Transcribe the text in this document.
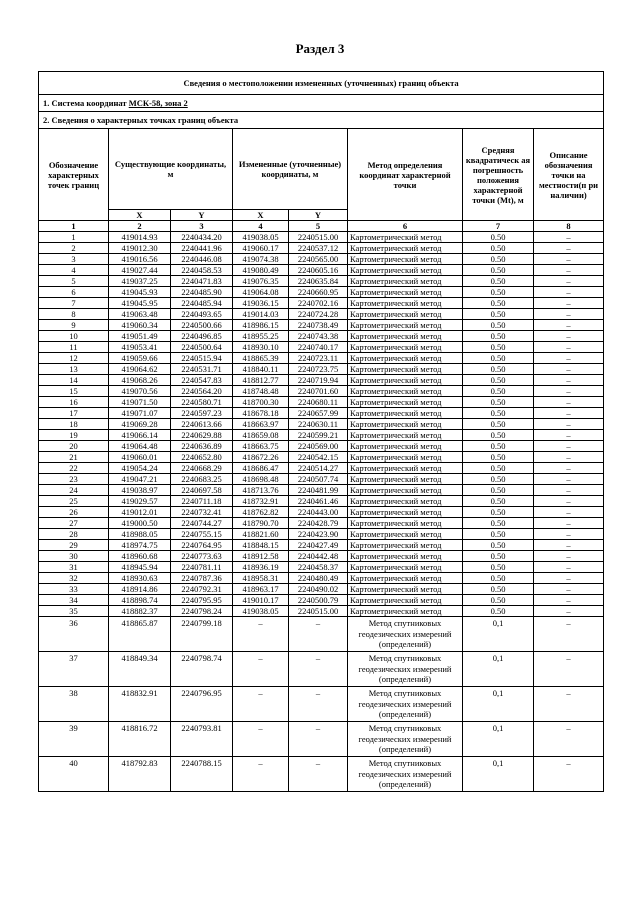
Раздел 3
Сведения о местоположении измененных (уточненных) границ объекта							
1. Система координат МСК-58, зона 2							
2. Сведения о характерных точках границ объекта							
Обозначение характерных точек границ	Существующие координаты, м		Измененные (уточненные) координаты, м		Метод определения координат характерной точки	Средняя квадратическ ая погрешность положения характерной точки (Mt), м	Описание обозначения точки на местности(п ри наличии)
	X	Y	X	Y			
1	2	3	4	5	6	7	8
1	419014.93	2240434.20	419038.05	2240515.00	Картометрический метод	0.50	–
2	419012.30	2240441.96	419060.17	2240537.12	Картометрический метод	0.50	–
3	419016.56	2240446.08	419074.38	2240565.00	Картометрический метод	0.50	–
4	419027.44	2240458.53	419080.49	2240605.16	Картометрический метод	0.50	–
5	419037.25	2240471.83	419076.35	2240635.84	Картометрический метод	0.50	–
6	419045.93	2240485.90	419064.08	2240660.95	Картометрический метод	0.50	–
7	419045.95	2240485.94	419036.15	2240702.16	Картометрический метод	0.50	–
8	419063.48	2240493.65	419014.03	2240724.28	Картометрический метод	0.50	–
9	419060.34	2240500.66	418986.15	2240738.49	Картометрический метод	0.50	–
10	419051.49	2240496.85	418955.25	2240743.38	Картометрический метод	0.50	–
11	419053.41	2240500.64	418930.10	2240740.17	Картометрический метод	0.50	–
12	419059.66	2240515.94	418865.39	2240723.11	Картометрический метод	0.50	–
13	419064.62	2240531.71	418840.11	2240723.75	Картометрический метод	0.50	–
14	419068.26	2240547.83	418812.77	2240719.94	Картометрический метод	0.50	–
15	419070.56	2240564.20	418748.48	2240701.60	Картометрический метод	0.50	–
16	419071.50	2240580.71	418700.30	2240680.11	Картометрический метод	0.50	–
17	419071.07	2240597.23	418678.18	2240657.99	Картометрический метод	0.50	–
18	419069.28	2240613.66	418663.97	2240630.11	Картометрический метод	0.50	–
19	419066.14	2240629.88	418659.08	2240599.21	Картометрический метод	0.50	–
20	419064.48	2240636.89	418663.75	2240569.00	Картометрический метод	0.50	–
21	419060.01	2240652.80	418672.26	2240542.15	Картометрический метод	0.50	–
22	419054.24	2240668.29	418686.47	2240514.27	Картометрический метод	0.50	–
23	419047.21	2240683.25	418698.48	2240507.74	Картометрический метод	0.50	–
24	419038.97	2240697.58	418713.76	2240481.99	Картометрический метод	0.50	–
25	419029.57	2240711.18	418732.91	2240461.46	Картометрический метод	0.50	–
26	419012.01	2240732.41	418762.82	2240443.00	Картометрический метод	0.50	–
27	419000.50	2240744.27	418790.70	2240428.79	Картометрический метод	0.50	–
28	418988.05	2240755.15	418821.60	2240423.90	Картометрический метод	0.50	–
29	418974.75	2240764.95	418848.15	2240427.49	Картометрический метод	0.50	–
30	418960.68	2240773.63	418912.58	2240442.48	Картометрический метод	0.50	–
31	418945.94	2240781.11	418936.19	2240458.37	Картометрический метод	0.50	–
32	418930.63	2240787.36	418958.31	2240480.49	Картометрический метод	0.50	–
33	418914.86	2240792.31	418963.17	2240490.02	Картометрический метод	0.50	–
34	418898.74	2240795.95	419010.17	2240500.79	Картометрический метод	0.50	–
35	418882.37	2240798.24	419038.05	2240515.00	Картометрический метод	0.50	–
36	418865.87	2240799.18	–	–	Метод спутниковых геодезических измерений (определений)	0,1	–
37	418849.34	2240798.74	–	–	Метод спутниковых геодезических измерений (определений)	0,1	–
38	418832.91	2240796.95	–	–	Метод спутниковых геодезических измерений (определений)	0,1	–
39	418816.72	2240793.81	–	–	Метод спутниковых геодезических измерений (определений)	0,1	–
40	418792.83	2240788.15	–	–	Метод спутниковых геодезических измерений (определений)	0,1	–
